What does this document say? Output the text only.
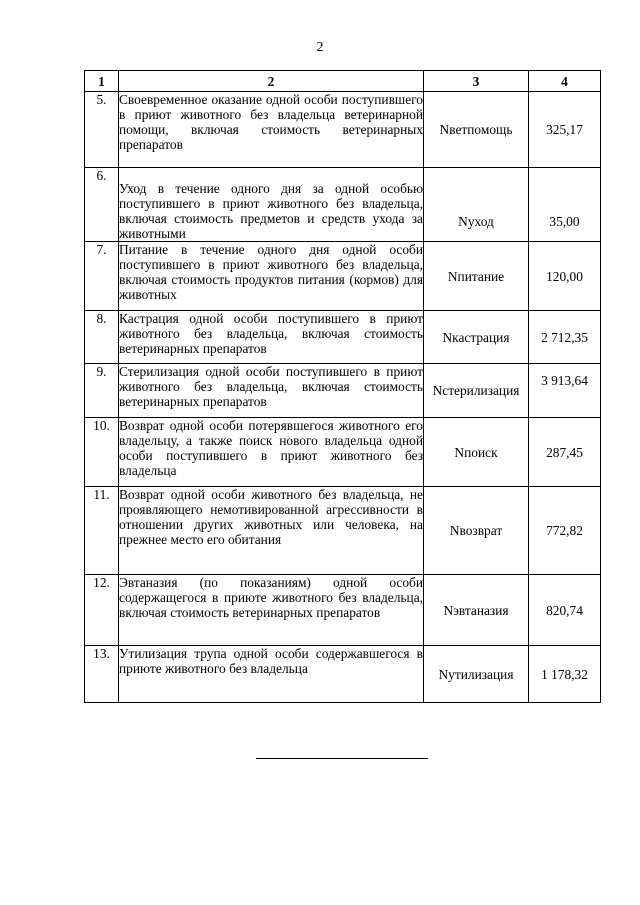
2
1	2	3	4
5.	Своевременное оказание одной особи поступившего в приют животного без владельца ветеринарной помощи, включая стоимость ветеринарных препаратов	Nветпомощь	325,17
6.	Уход в течение одного дня за одной особью поступившего в приют животного без владельца, включая стоимость предметов и средств ухода за животными	Nуход	35,00
7.	Питание в течение одного дня одной особи поступившего в приют животного без владельца, включая стоимость продуктов питания (кормов) для животных	Nпитание	120,00
8.	Кастрация одной особи поступившего в приют животного без владельца, включая стоимость ветеринарных препаратов	Nкастрация	2 712,35
9.	Стерилизация одной особи поступившего в приют животного без владельца, включая стоимость ветеринарных препаратов	Nстерилизация	3 913,64
10.	Возврат одной особи потерявшегося животного его владельцу, а также поиск нового владельца одной особи поступившего в приют животного без владельца	Nпоиск	287,45
11.	Возврат одной особи животного без владельца, не проявляющего немотивированной агрессивности в отношении других животных или человека, на прежнее место его обитания	Nвозврат	772,82
12.	Эвтаназия (по показаниям) одной особи содержащегося в приюте животного без владельца, включая стоимость ветеринарных препаратов	Nэвтаназия	820,74
13.	Утилизация трупа одной особи содержавшегося в приюте животного без владельца	Nутилизация	1 178,32
